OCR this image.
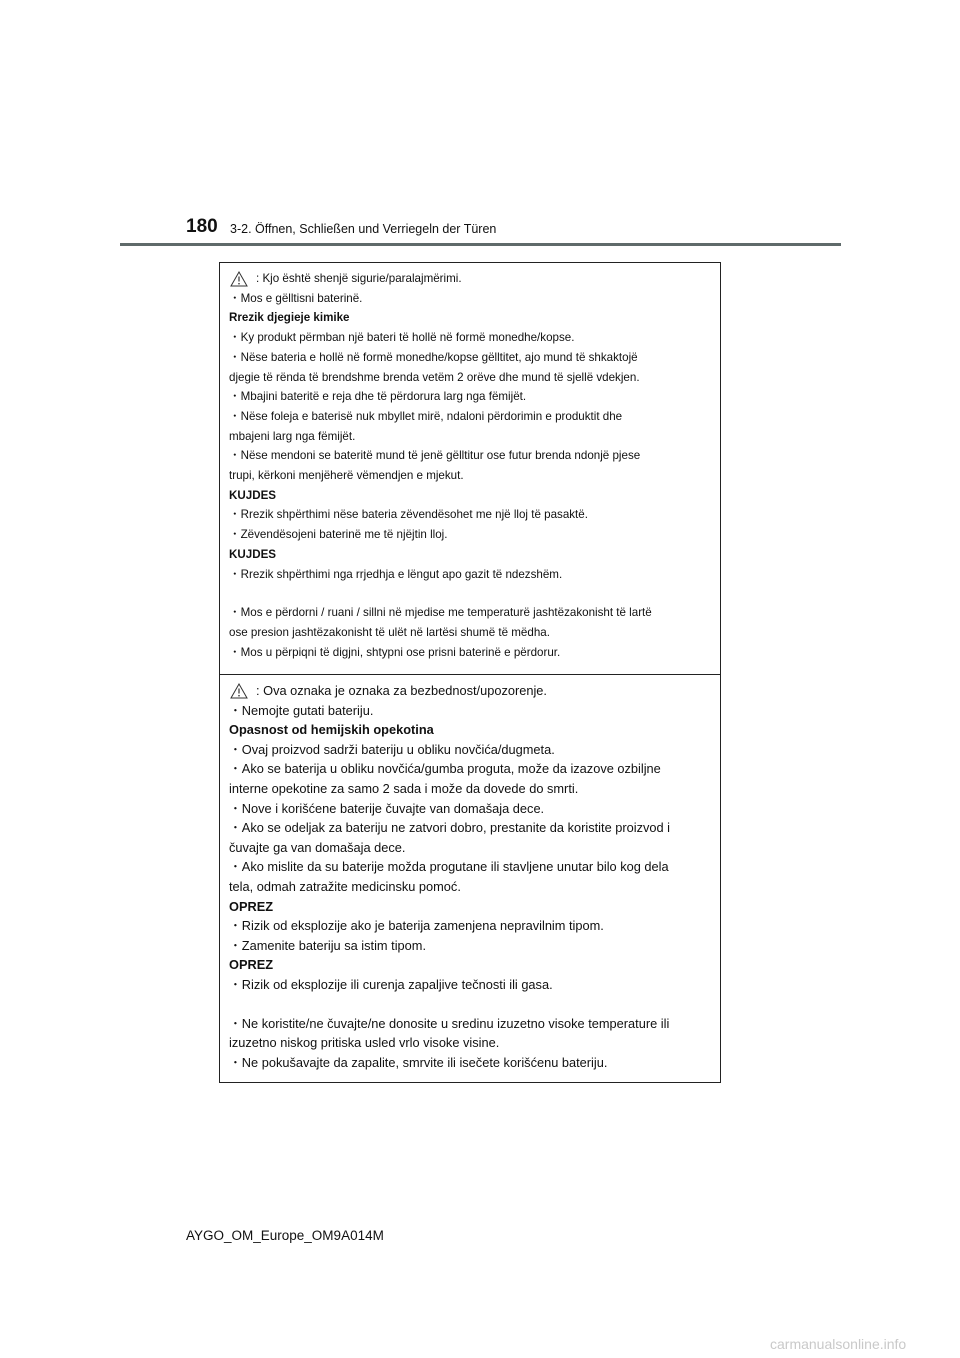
180 3-2. Öffnen, Schließen und Verriegeln der Türen
: Kjo është shenjë sigurie/paralajmërimi.
・Mos e gëlltisni baterinë.
Rrezik djegieje kimike
・Ky produkt përmban një bateri të hollë në formë monedhe/kopse.
・Nëse bateria e hollë në formë monedhe/kopse gëlltitet, ajo mund të shkaktojë
djegie të rënda të brendshme brenda vetëm 2 orëve dhe mund të sjellë vdekjen.
・Mbajini bateritë e reja dhe të përdorura larg nga fëmijët.
・Nëse foleja e baterisë nuk mbyllet mirë, ndaloni përdorimin e produktit dhe
mbajeni larg nga fëmijët.
・Nëse mendoni se bateritë mund të jenë gëlltitur ose futur brenda ndonjë pjese
trupi, kërkoni menjëherë vëmendjen e mjekut.
KUJDES
・Rrezik shpërthimi nëse bateria zëvendësohet me një lloj të pasaktë.
・Zëvendësojeni baterinë me të njëjtin lloj.
KUJDES
・Rrezik shpërthimi nga rrjedhja e lëngut apo gazit të ndezshëm.
・Mos e përdorni / ruani / sillni në mjedise me temperaturë jashtëzakonisht të lartë
ose presion jashtëzakonisht të ulët në lartësi shumë të mëdha.
・Mos u përpiqni të digjni, shtypni ose prisni baterinë e përdorur.
: Ova oznaka je oznaka za bezbednost/upozorenje.
・Nemojte gutati bateriju.
Opasnost od hemijskih opekotina
・Ovaj proizvod sadrži bateriju u obliku novčića/dugmeta.
・Ako se baterija u obliku novčića/gumba proguta, može da izazove ozbiljne
interne opekotine za samo 2 sada i može da dovede do smrti.
・Nove i korišćene baterije čuvajte van domašaja dece.
・Ako se odeljak za bateriju ne zatvori dobro, prestanite da koristite proizvod i
čuvajte ga van domašaja dece.
・Ako mislite da su baterije možda progutane ili stavljene unutar bilo kog dela
tela, odmah zatražite medicinsku pomoć.
OPREZ
・Rizik od eksplozije ako je baterija zamenjena nepravilnim tipom.
・Zamenite bateriju sa istim tipom.
OPREZ
・Rizik od eksplozije ili curenja zapaljive tečnosti ili gasa.
・Ne koristite/ne čuvajte/ne donosite u sredinu izuzetno visoke temperature ili
izuzetno niskog pritiska usled vrlo visoke visine.
・Ne pokušavajte da zapalite, smrvite ili isečete korišćenu bateriju.
AYGO_OM_Europe_OM9A014M
carmanualsonline.info
